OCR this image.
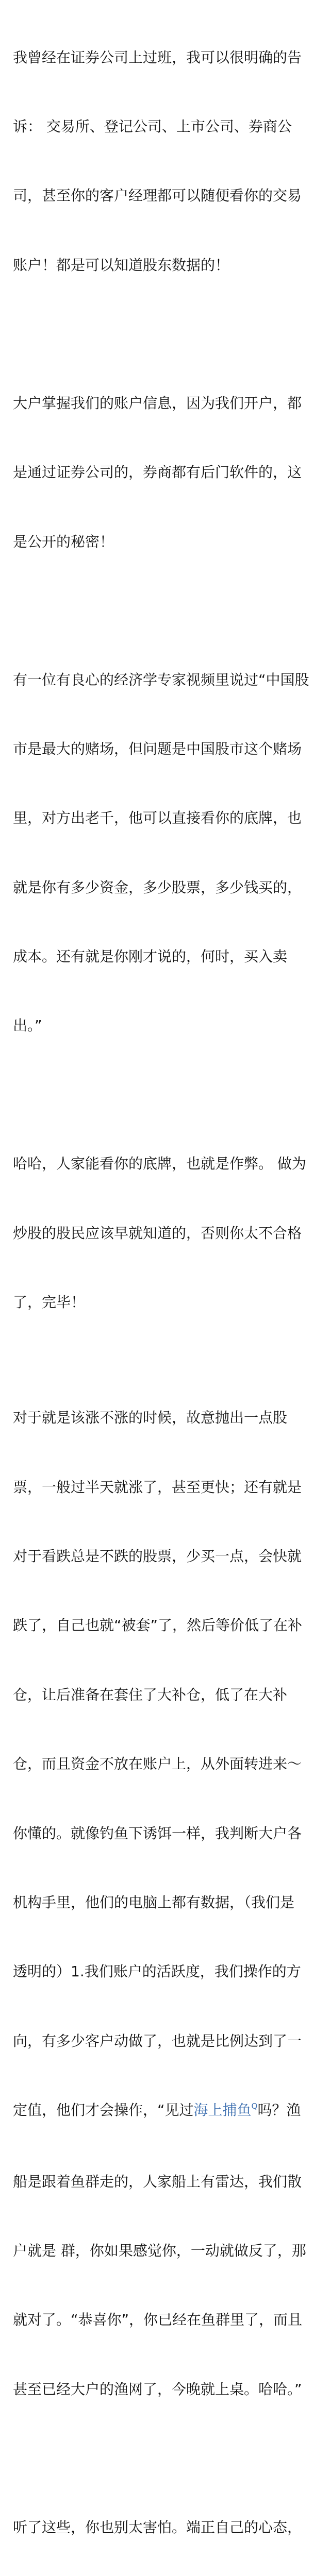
我曾经在证券公司上过班，我可以很明确的告

诉： 交易所、登记公司、上市公司、券商公

司，甚至你的客户经理都可以随便看你的交易

账户！都是可以知道股东数据的！

大户掌握我们的账户信息，因为我们开户，都

是通过证券公司的，券商都有后门软件的，这

是公开的秘密！

有一位有良心的经济学专家视频里说过“中国股

市是最大的赌场，但问题是中国股市这个赌场

里，对方出老千，他可以直接看你的底牌，也

就是你有多少资金，多少股票，多少钱买的，

成本。还有就是你刚才说的，何时，买入卖

出。”

哈哈，人家能看你的底牌，也就是作弊。 做为

炒股的股民应该早就知道的，否则你太不合格

了，完毕！

对于就是该涨不涨的时候，故意抛出一点股

票，一般过半天就涨了，甚至更快；还有就是

对于看跌总是不跌的股票，少买一点，会快就

跌了，自己也就“被套”了，然后等价低了在补

仓，让后准备在套住了大补仓，低了在大补

仓，而且资金不放在账户上，从外面转进来～

你懂的。就像钓鱼下诱饵一样，我判断大户各

机构手里，他们的电脑上都有数据，（我们是

透明的）1.我们账户的活跃度，我们操作的方

向，有多少客户动做了，也就是比例达到了一

定值，他们才会操作，“见过海上捕鱼$^Q$吗？渔

船是跟着鱼群走的，人家船上有雷达，我们散

户就是 群，你如果感觉你，一动就做反了，那

就对了。“恭喜你”，你已经在鱼群里了，而且

甚至已经大户的渔网了，今晚就上桌。哈哈。”

听了这些，你也别太害怕。端正自己的心态，
